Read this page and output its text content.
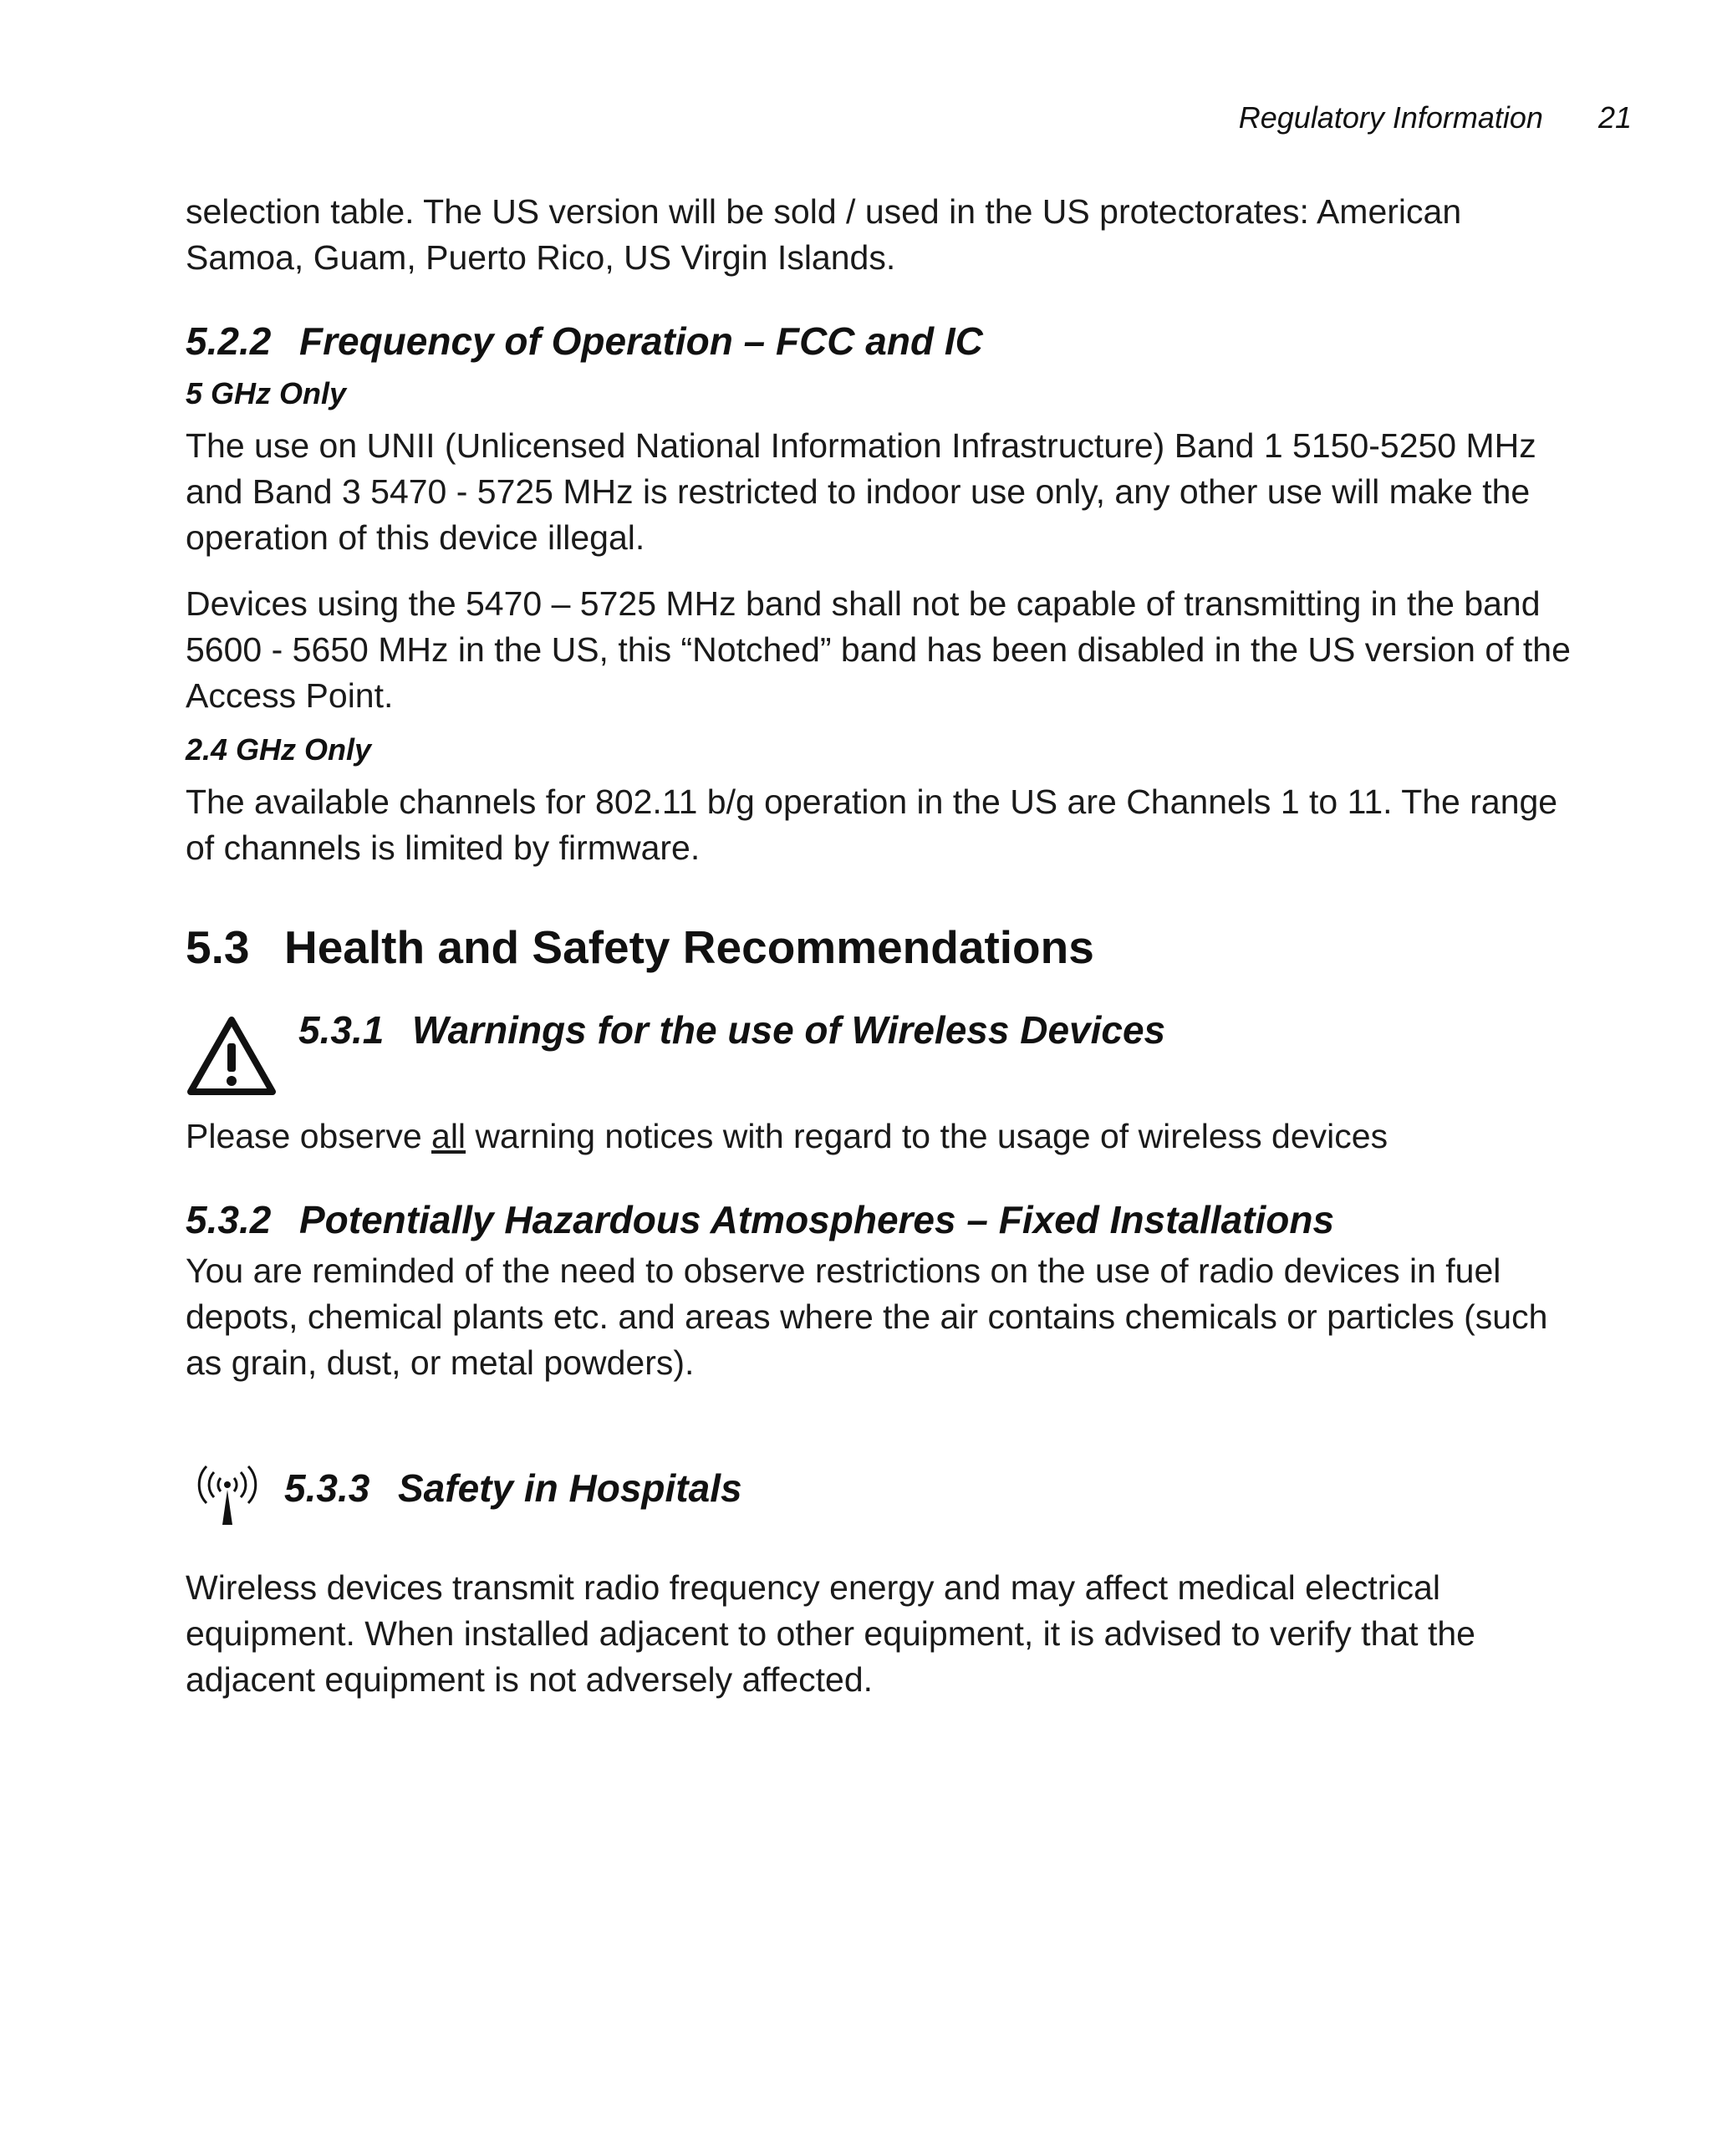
Regulatory Information 21

selection table. The US version will be sold / used in the US protectorates: American Samoa, Guam, Puerto Rico, US Virgin Islands.

5.2.2 Frequency of Operation – FCC and IC
5 GHz Only

The use on UNII (Unlicensed National Information Infrastructure) Band 1 5150-5250 MHz and Band 3 5470 - 5725 MHz is restricted to indoor use only, any other use will make the operation of this device illegal.

Devices using the 5470 – 5725 MHz band shall not be capable of transmitting in the band 5600 - 5650 MHz in the US, this “Notched” band has been disabled in the US version of the Access Point.

2.4 GHz Only

The available channels for 802.11 b/g operation in the US are Channels 1 to 11. The range of channels is limited by firmware.

5.3 Health and Safety Recommendations
5.3.1 Warnings for the use of Wireless Devices

Please observe all warning notices with regard to the usage of wireless devices

5.3.2 Potentially Hazardous Atmospheres – Fixed Installations

You are reminded of the need to observe restrictions on the use of radio devices in fuel depots, chemical plants etc. and areas where the air contains chemicals or particles (such as grain, dust, or metal powders).

5.3.3 Safety in Hospitals

Wireless devices transmit radio frequency energy and may affect medical electrical equipment. When installed adjacent to other equipment, it is advised to verify that the adjacent equipment is not adversely affected.
